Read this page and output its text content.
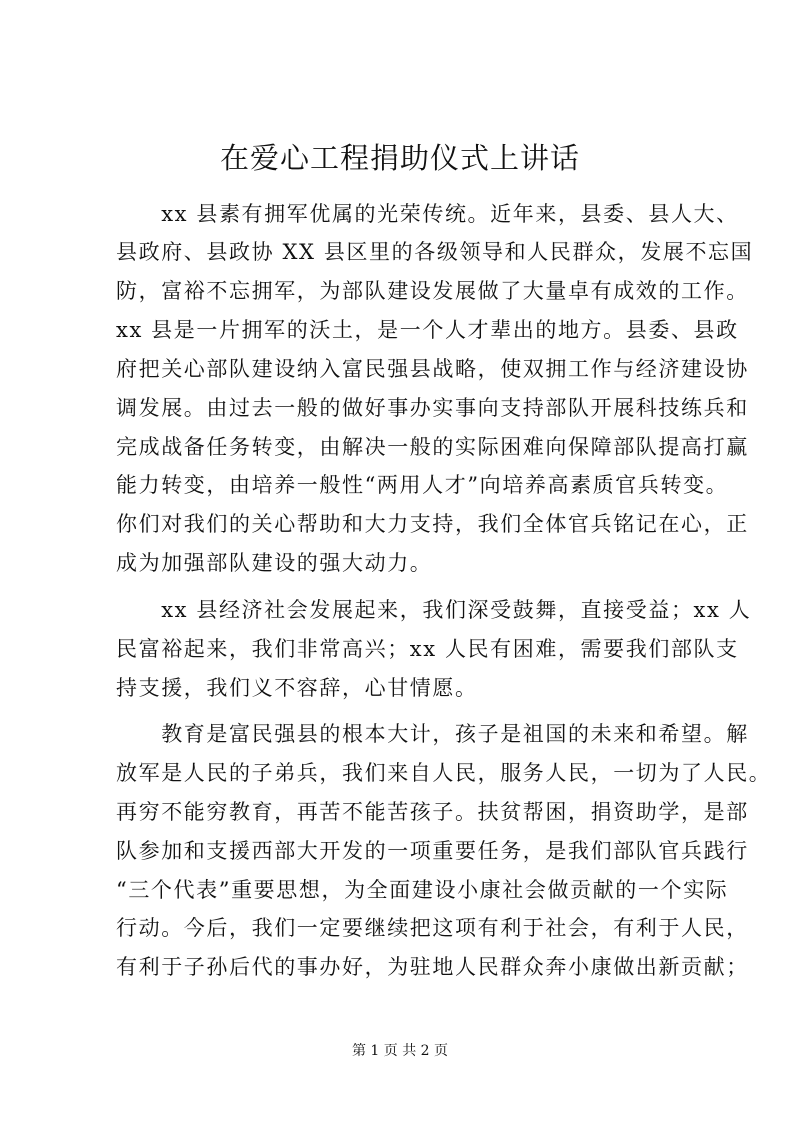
在爱心工程捐助仪式上讲话
　　xx 县素有拥军优属的光荣传统。近年来，县委、县人大、
县政府、县政协 XX 县区里的各级领导和人民群众，发展不忘国
防，富裕不忘拥军，为部队建设发展做了大量卓有成效的工作。
xx 县是一片拥军的沃土，是一个人才辈出的地方。县委、县政
府把关心部队建设纳入富民强县战略，使双拥工作与经济建设协
调发展。由过去一般的做好事办实事向支持部队开展科技练兵和
完成战备任务转变，由解决一般的实际困难向保障部队提高打赢
能力转变，由培养一般性“两用人才”向培养高素质官兵转变。
你们对我们的关心帮助和大力支持，我们全体官兵铭记在心，正
成为加强部队建设的强大动力。
　　xx 县经济社会发展起来，我们深受鼓舞，直接受益；xx 人
民富裕起来，我们非常高兴；xx 人民有困难，需要我们部队支
持支援，我们义不容辞，心甘情愿。
　　教育是富民强县的根本大计，孩子是祖国的未来和希望。解
放军是人民的子弟兵，我们来自人民，服务人民，一切为了人民。
再穷不能穷教育，再苦不能苦孩子。扶贫帮困，捐资助学，是部
队参加和支援西部大开发的一项重要任务，是我们部队官兵践行
“三个代表”重要思想，为全面建设小康社会做贡献的一个实际
行动。今后，我们一定要继续把这项有利于社会，有利于人民，
有利于子孙后代的事办好，为驻地人民群众奔小康做出新贡献；
第 1 页 共 2 页
